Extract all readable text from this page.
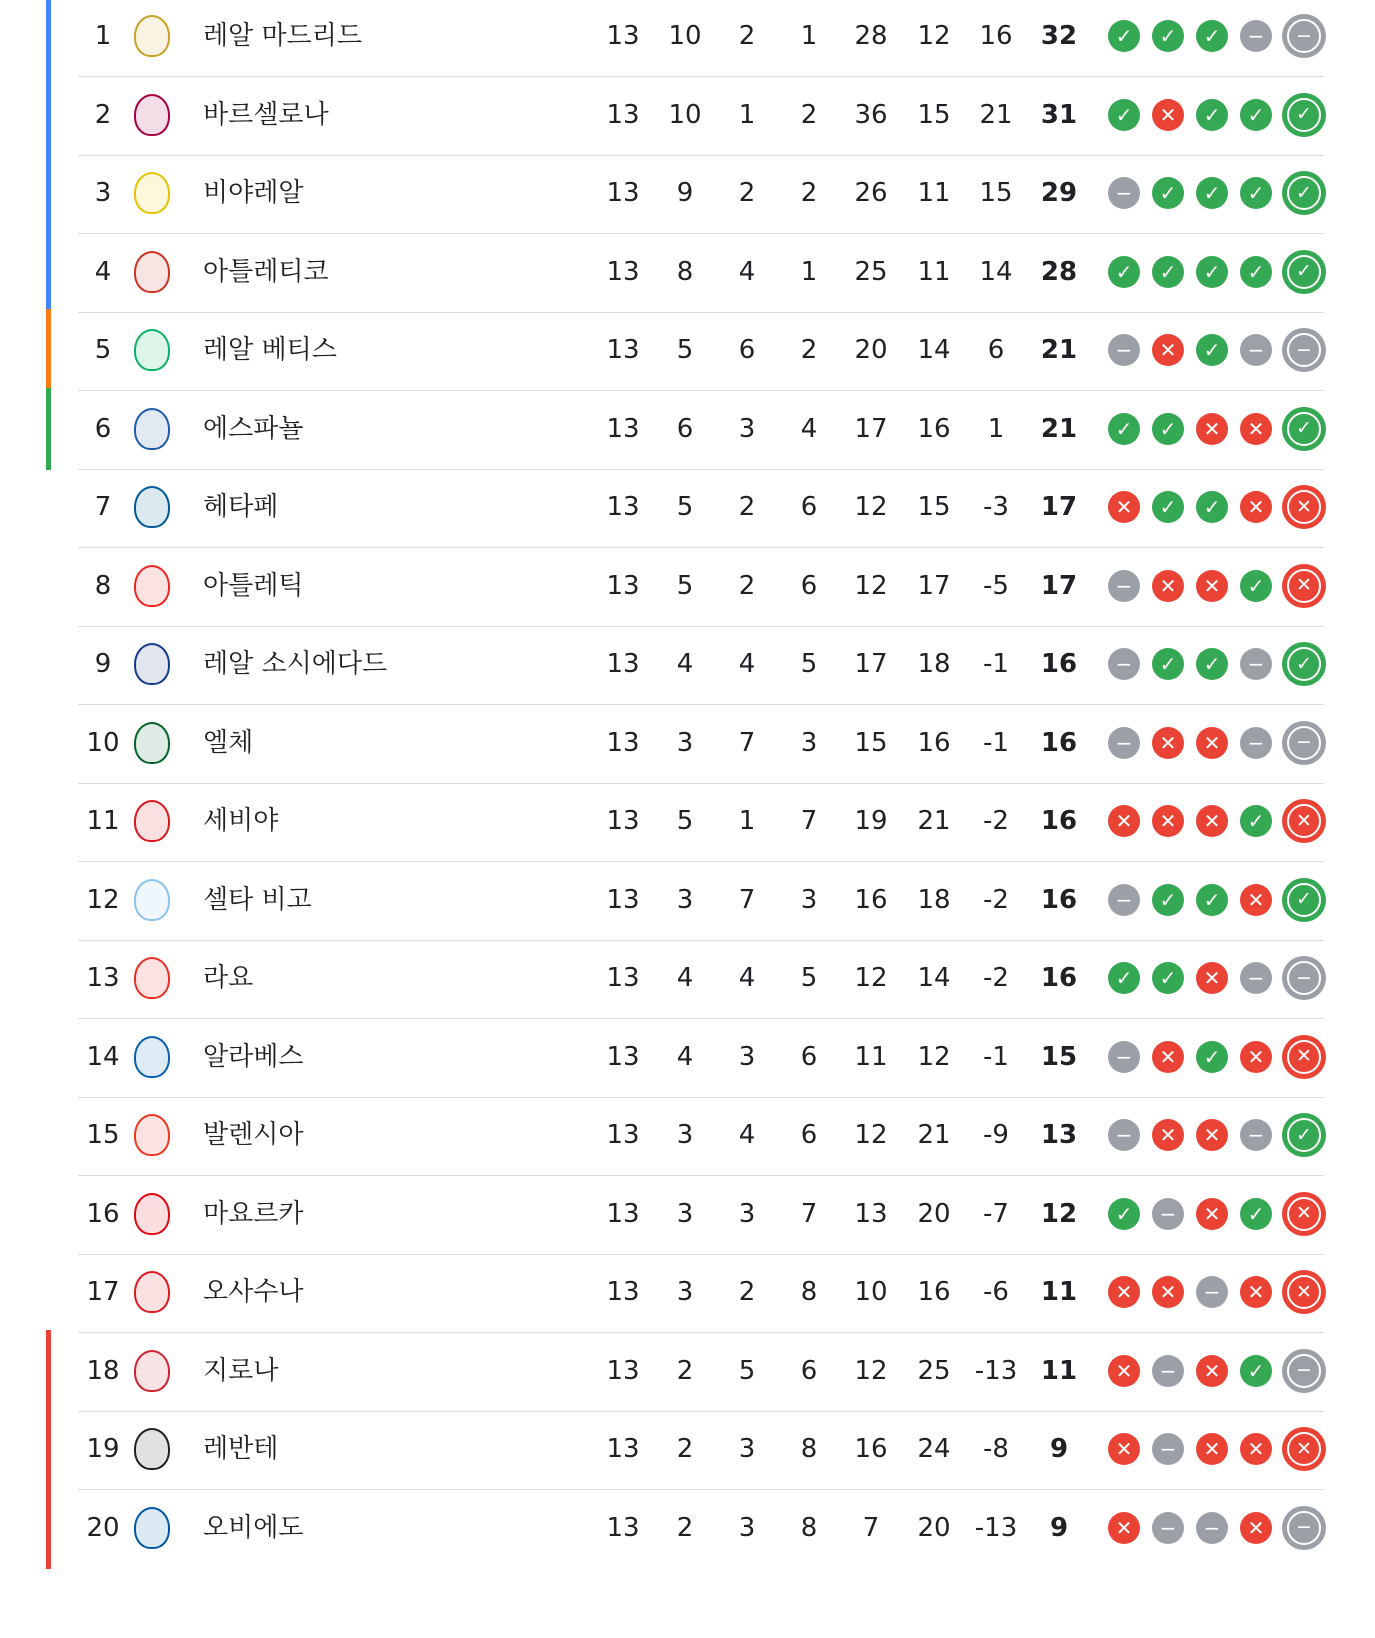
1	레알 마드리드	13	10	2	1	28	12	16	32	✓ ✓ ✓ − −
2	바르셀로나	13	10	1	2	36	15	21	31	✓ ✕ ✓ ✓ ✓
3	비야레알	13	9	2	2	26	11	15	29	− ✓ ✓ ✓ ✓
4	아틀레티코	13	8	4	1	25	11	14	28	✓ ✓ ✓ ✓ ✓
5	레알 베티스	13	5	6	2	20	14	6	21	− ✕ ✓ − −
6	에스파뇰	13	6	3	4	17	16	1	21	✓ ✓ ✕ ✕ ✓
7	헤타페	13	5	2	6	12	15	-3	17	✕ ✓ ✓ ✕ ✕
8	아틀레틱	13	5	2	6	12	17	-5	17	− ✕ ✕ ✓ ✕
9	레알 소시에다드	13	4	4	5	17	18	-1	16	− ✓ ✓ − ✓
10	엘체	13	3	7	3	15	16	-1	16	− ✕ ✕ − −
11	세비야	13	5	1	7	19	21	-2	16	✕ ✕ ✕ ✓ ✕
12	셀타 비고	13	3	7	3	16	18	-2	16	− ✓ ✓ ✕ ✓
13	라요	13	4	4	5	12	14	-2	16	✓ ✓ ✕ − −
14	알라베스	13	4	3	6	11	12	-1	15	− ✕ ✓ ✕ ✕
15	발렌시아	13	3	4	6	12	21	-9	13	− ✕ ✕ − ✓
16	마요르카	13	3	3	7	13	20	-7	12	✓ − ✕ ✓ ✕
17	오사수나	13	3	2	8	10	16	-6	11	✕ ✕ − ✕ ✕
18	지로나	13	2	5	6	12	25 -13 11	✕ − ✕ ✓ −
19	레반테	13	2	3	8	16	24	-8	9	✕ − ✕ ✕ ✕
20	오비에도	13	2	3	8	7	20 -13	9	✕ − − ✕ −
